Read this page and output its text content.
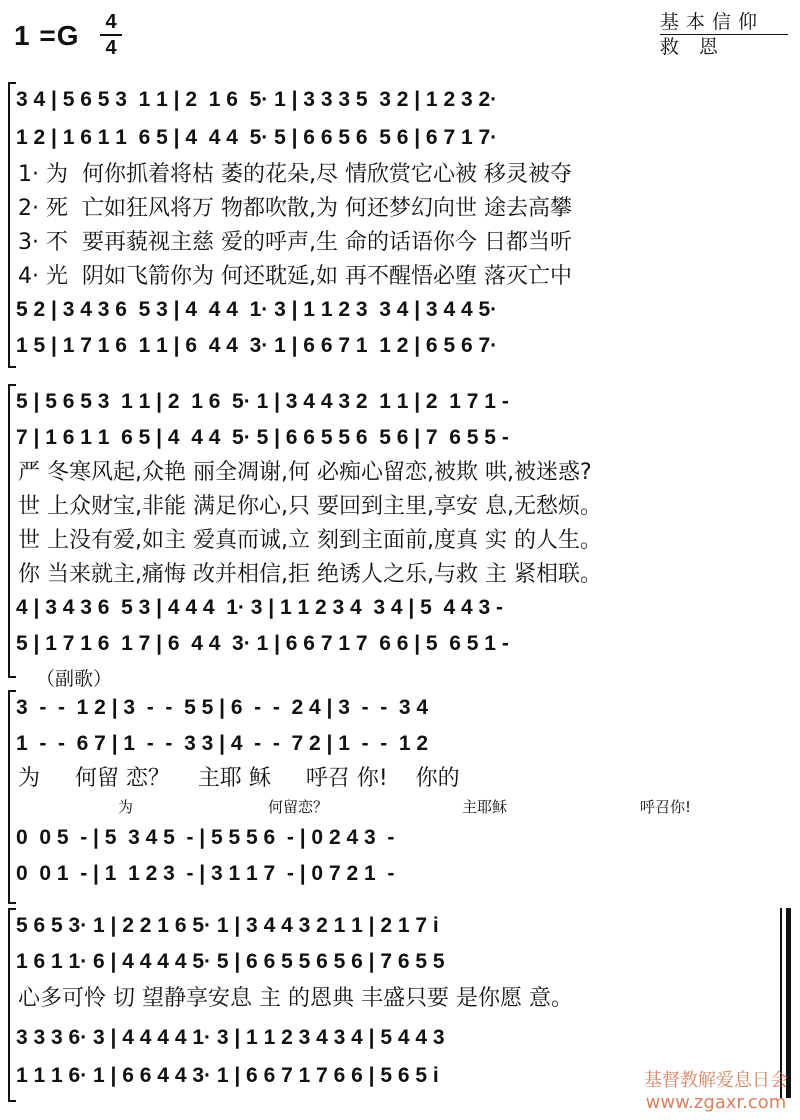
1 =G 4
4
基本信仰
救 恩
3 4 | 5 6 5 3  1 1 | 2  1 6  5· 1 | 3 3 3 5  3 2 | 1 2 3 2·
1 2 | 1 6 1 1  6 5 | 4  4 4  5· 5 | 6 6 5 6  5 6 | 6 7 1 7·
1· 为  何你抓着将枯 萎的花朵,尽 情欣赏它心被 移灵被夺
2· 死  亡如狂风将万 物都吹散,为 何还梦幻向世 途去高攀
3· 不  要再藐视主慈 爱的呼声,生 命的话语你今 日都当听
4· 光  阴如飞箭你为 何还耽延,如 再不醒悟必堕 落灭亡中
5 2 | 3 4 3 6  5 3 | 4  4 4  1· 3 | 1 1 2 3  3 4 | 3 4 4 5·
1 5 | 1 7 1 6  1 1 | 6  4 4  3· 1 | 6 6 7 1  1 2 | 6 5 6 7·
5 | 5 6 5 3  1 1 | 2  1 6  5· 1 | 3 4 4 3 2  1 1 | 2  1 7 1 -
7 | 1 6 1 1  6 5 | 4  4 4  5· 5 | 6 6 5 5 6  5 6 | 7  6 5 5 -
严 冬寒风起,众艳 丽全凋谢,何 必痴心留恋,被欺 哄,被迷惑?
世 上众财宝,非能 满足你心,只 要回到主里,享安 息,无愁烦。
世 上没有爱,如主 爱真而诚,立 刻到主面前,度真 实 的人生。
你 当来就主,痛悔 改并相信,拒 绝诱人之乐,与救 主 紧相联。
4 | 3 4 3 6  5 3 | 4 4 4  1· 3 | 1 1 2 3 4  3 4 | 5  4 4 3 -
5 | 1 7 1 6  1 7 | 6  4 4  3· 1 | 6 6 7 1 7  6 6 | 5  6 5 1 -
（副歌）
3  -  -  1 2 | 3  -  -  5 5 | 6  -  -  2 4 | 3  -  -  3 4
1  -  -  6 7 | 1  -  -  3 3 | 4  -  -  7 2 | 1  -  -  1 2
为     何留 恋？    主耶 稣     呼召 你!    你的
为	何留恋？	主耶稣	呼召你!
0  0 5  - | 5  3 4 5  - | 5 5 5 6  - | 0 2 4 3  -
0  0 1  - | 1  1 2 3  - | 3 1 1 7  - | 0 7 2 1  -
5 6 5 3· 1 | 2 2 1 6 5· 1 | 3 4 4 3 2 1 1 | 2 1 7 i
1 6 1 1· 6 | 4 4 4 4 5· 5 | 6 6 5 5 6 5 6 | 7 6 5 5
心多可怜 切 望静享安息 主 的恩典 丰盛只要 是你愿 意。
3 3 3 6· 3 | 4 4 4 4 1· 3 | 1 1 2 3 4 3 4 | 5 4 4 3
1 1 1 6· 1 | 6 6 4 4 3· 1 | 6 6 7 1 7 6 6 | 5 6 5 i	基督教解爱息日会
www.zgaxr.com
